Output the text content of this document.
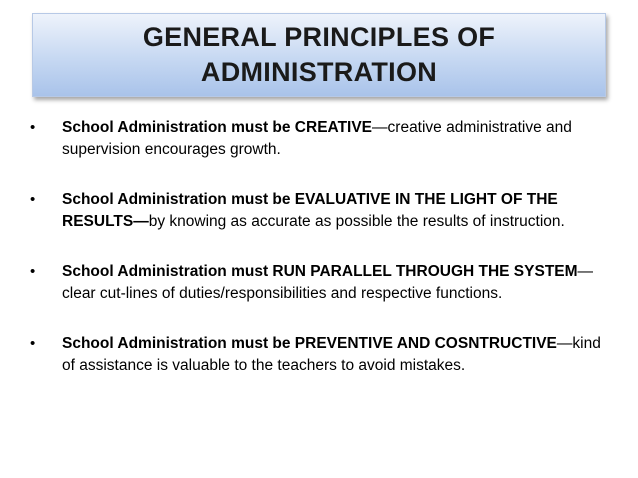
GENERAL PRINCIPLES OF
ADMINISTRATION
• School Administration must be CREATIVE—creative administrative and supervision encourages growth.
• School Administration must be EVALUATIVE IN THE LIGHT OF THE RESULTS—by knowing as accurate as possible the results of instruction.
• School Administration must RUN PARALLEL THROUGH THE SYSTEM—clear cut-lines of duties/responsibilities and respective functions.
• School Administration must be PREVENTIVE AND COSNTRUCTIVE—kind of assistance is valuable to the teachers to avoid mistakes.
